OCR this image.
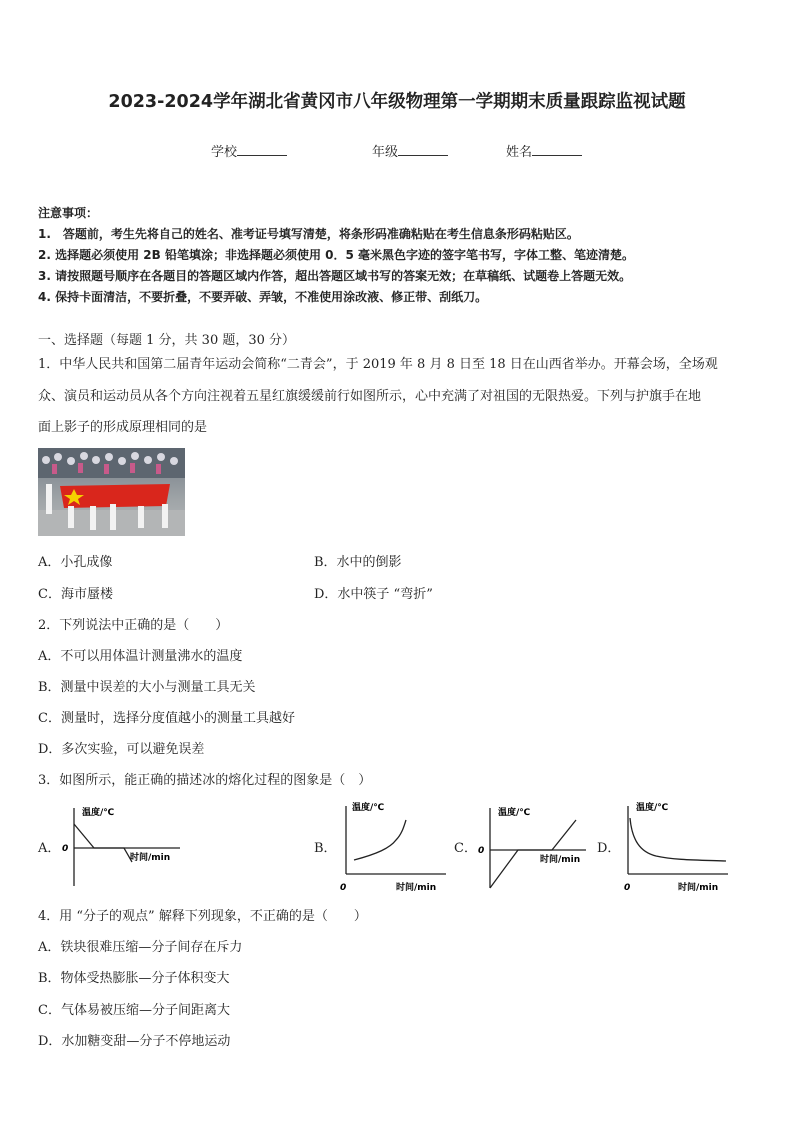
2023-2024学年湖北省黄冈市八年级物理第一学期期末质量跟踪监视试题
学校	年级	姓名
注意事项：
1.　答题前，考生先将自己的姓名、准考证号填写清楚，将条形码准确粘贴在考生信息条形码粘贴区。
2. 选择题必须使用 2B 铅笔填涂；非选择题必须使用 0．5 毫米黑色字迹的签字笔书写，字体工整、笔迹清楚。
3. 请按照题号顺序在各题目的答题区域内作答，超出答题区域书写的答案无效；在草稿纸、试题卷上答题无效。
4. 保持卡面清洁，不要折叠，不要弄破、弄皱，不准使用涂改液、修正带、刮纸刀。
一、选择题（每题 1 分，共 30 题，30 分）
1．中华人民共和国第二届青年运动会简称“二青会”，于 2019 年 8 月 8 日至 18 日在山西省举办。开幕会场，全场观
众、演员和运动员从各个方向注视着五星红旗缓缓前行如图所示，心中充满了对祖国的无限热爱。下列与护旗手在地
面上影子的形成原理相同的是
A．小孔成像	B．水中的倒影
C．海市蜃楼	D．水中筷子 “弯折”
2．下列说法中正确的是（　　）
A．不可以用体温计测量沸水的温度
B．测量中误差的大小与测量工具无关
C．测量时，选择分度值越小的测量工具越好
D．多次实验，可以避免误差
3．如图所示，能正确的描述冰的熔化过程的图象是（　）
A．
温度/℃
0
时间/min
B．
温度/℃
0	时间/min
C．
温度/℃
0
时间/min
D．
温度/℃
0	时间/min
4．用 “分子的观点” 解释下列现象，不正确的是（　　）
A．铁块很难压缩—分子间存在斥力
B．物体受热膨胀—分子体积变大
C．气体易被压缩—分子间距离大
D．水加糖变甜—分子不停地运动
